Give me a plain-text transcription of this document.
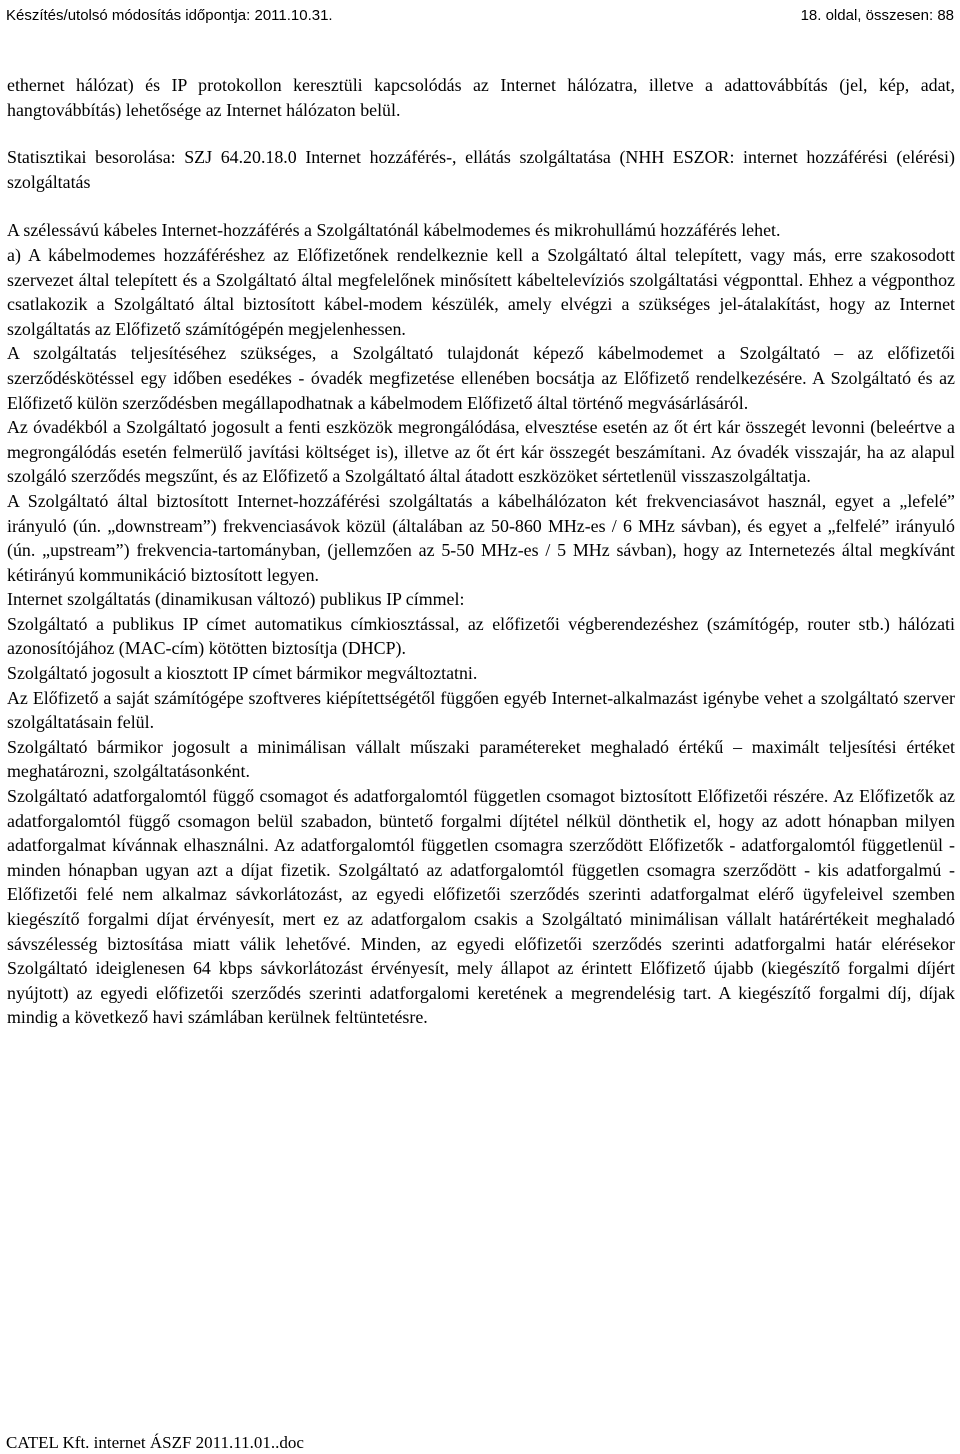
Készítés/utolsó módosítás időpontja: 2011.10.31.	18. oldal, összesen: 88

ethernet hálózat) és IP protokollon keresztüli kapcsolódás az Internet hálózatra, illetve a adattovábbítás (jel, kép, adat, hangtovábbítás) lehetősége az Internet hálózaton belül.

Statisztikai besorolása: SZJ 64.20.18.0 Internet hozzáférés-, ellátás szolgáltatása (NHH ESZOR: internet hozzáférési (elérési) szolgáltatás

A szélessávú kábeles Internet-hozzáférés a Szolgáltatónál kábelmodemes és mikrohullámú hozzáférés lehet.

a) A kábelmodemes hozzáféréshez az Előfizetőnek rendelkeznie kell a Szolgáltató által telepített, vagy más, erre szakosodott szervezet által telepített és a Szolgáltató által megfelelőnek minősített kábeltelevíziós szolgáltatási végponttal. Ehhez a végponthoz csatlakozik a Szolgáltató által biztosított kábel-modem készülék, amely elvégzi a szükséges jel-átalakítást, hogy az Internet szolgáltatás az Előfizető számítógépén megjelenhessen.

A szolgáltatás teljesítéséhez szükséges, a Szolgáltató tulajdonát képező kábelmodemet a Szolgáltató – az előfizetői szerződéskötéssel egy időben esedékes - óvadék megfizetése ellenében bocsátja az Előfizető rendelkezésére. A Szolgáltató és az Előfizető külön szerződésben megállapodhatnak a kábelmodem Előfizető által történő megvásárlásáról.

Az óvadékból a Szolgáltató jogosult a fenti eszközök megrongálódása, elvesztése esetén az őt ért kár összegét levonni (beleértve a megrongálódás esetén felmerülő javítási költséget is), illetve az őt ért kár összegét beszámítani. Az óvadék visszajár, ha az alapul szolgáló szerződés megszűnt, és az Előfizető a Szolgáltató által átadott eszközöket sértetlenül visszaszolgáltatja.

A Szolgáltató által biztosított Internet-hozzáférési szolgáltatás a kábelhálózaton két frekvenciasávot használ, egyet a „lefelé” irányuló (ún. „downstream”) frekvenciasávok közül (általában az 50-860 MHz-es / 6 MHz sávban), és egyet a „felfelé” irányuló (ún. „upstream”) frekvencia-tartományban, (jellemzően az 5-50 MHz-es / 5 MHz sávban), hogy az Internetezés által megkívánt kétirányú kommunikáció biztosított legyen.

Internet szolgáltatás (dinamikusan változó) publikus IP címmel:

Szolgáltató a publikus IP címet automatikus címkiosztással, az előfizetői végberendezéshez (számítógép, router stb.) hálózati azonosítójához (MAC-cím) kötötten biztosítja (DHCP).

Szolgáltató jogosult a kiosztott IP címet bármikor megváltoztatni.

Az Előfizető a saját számítógépe szoftveres kiépítettségétől függően egyéb Internet-alkalmazást igénybe vehet a szolgáltató szerver szolgáltatásain felül.

Szolgáltató bármikor jogosult a minimálisan vállalt műszaki paramétereket meghaladó értékű – maximált teljesítési értéket meghatározni, szolgáltatásonként.

Szolgáltató adatforgalomtól függő csomagot és adatforgalomtól független csomagot biztosított Előfizetői részére. Az Előfizetők az adatforgalomtól függő csomagon belül szabadon, büntető forgalmi díjtétel nélkül dönthetik el, hogy az adott hónapban milyen adatforgalmat kívánnak elhasználni. Az adatforgalomtól független csomagra szerződött Előfizetők - adatforgalomtól függetlenül - minden hónapban ugyan azt a díjat fizetik. Szolgáltató az adatforgalomtól független csomagra szerződött - kis adatforgalmú - Előfizetői felé nem alkalmaz sávkorlátozást, az egyedi előfizetői szerződés szerinti adatforgalmat elérő ügyfeleivel szemben kiegészítő forgalmi díjat érvényesít, mert ez az adatforgalom csakis a Szolgáltató minimálisan vállalt határértékeit meghaladó sávszélesség biztosítása miatt válik lehetővé. Minden, az egyedi előfizetői szerződés szerinti adatforgalmi határ elérésekor Szolgáltató ideiglenesen 64 kbps sávkorlátozást érvényesít, mely állapot az érintett Előfizető újabb (kiegészítő forgalmi díjért nyújtott) az egyedi előfizetői szerződés szerinti adatforgalomi keretének a megrendelésig tart. A kiegészítő forgalmi díj, díjak mindig a következő havi számlában kerülnek feltüntetésre.

CATEL Kft. internet ÁSZF 2011.11.01..doc
